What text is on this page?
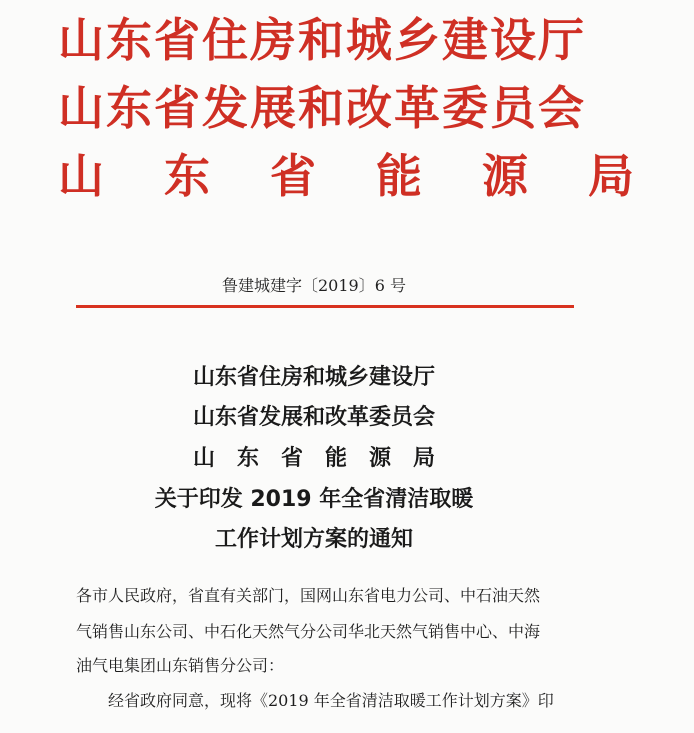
山东省住房和城乡建设厅
山东省发展和改革委员会
山东省能源局
鲁建城建字〔2019〕6 号
山东省住房和城乡建设厅
山东省发展和改革委员会
山东省能源局
关于印发 2019 年全省清洁取暖
工作计划方案的通知
各市人民政府，省直有关部门，国网山东省电力公司、中石油天然
气销售山东公司、中石化天然气分公司华北天然气销售中心、中海
油气电集团山东销售分公司：
经省政府同意，现将《2019 年全省清洁取暖工作计划方案》印
